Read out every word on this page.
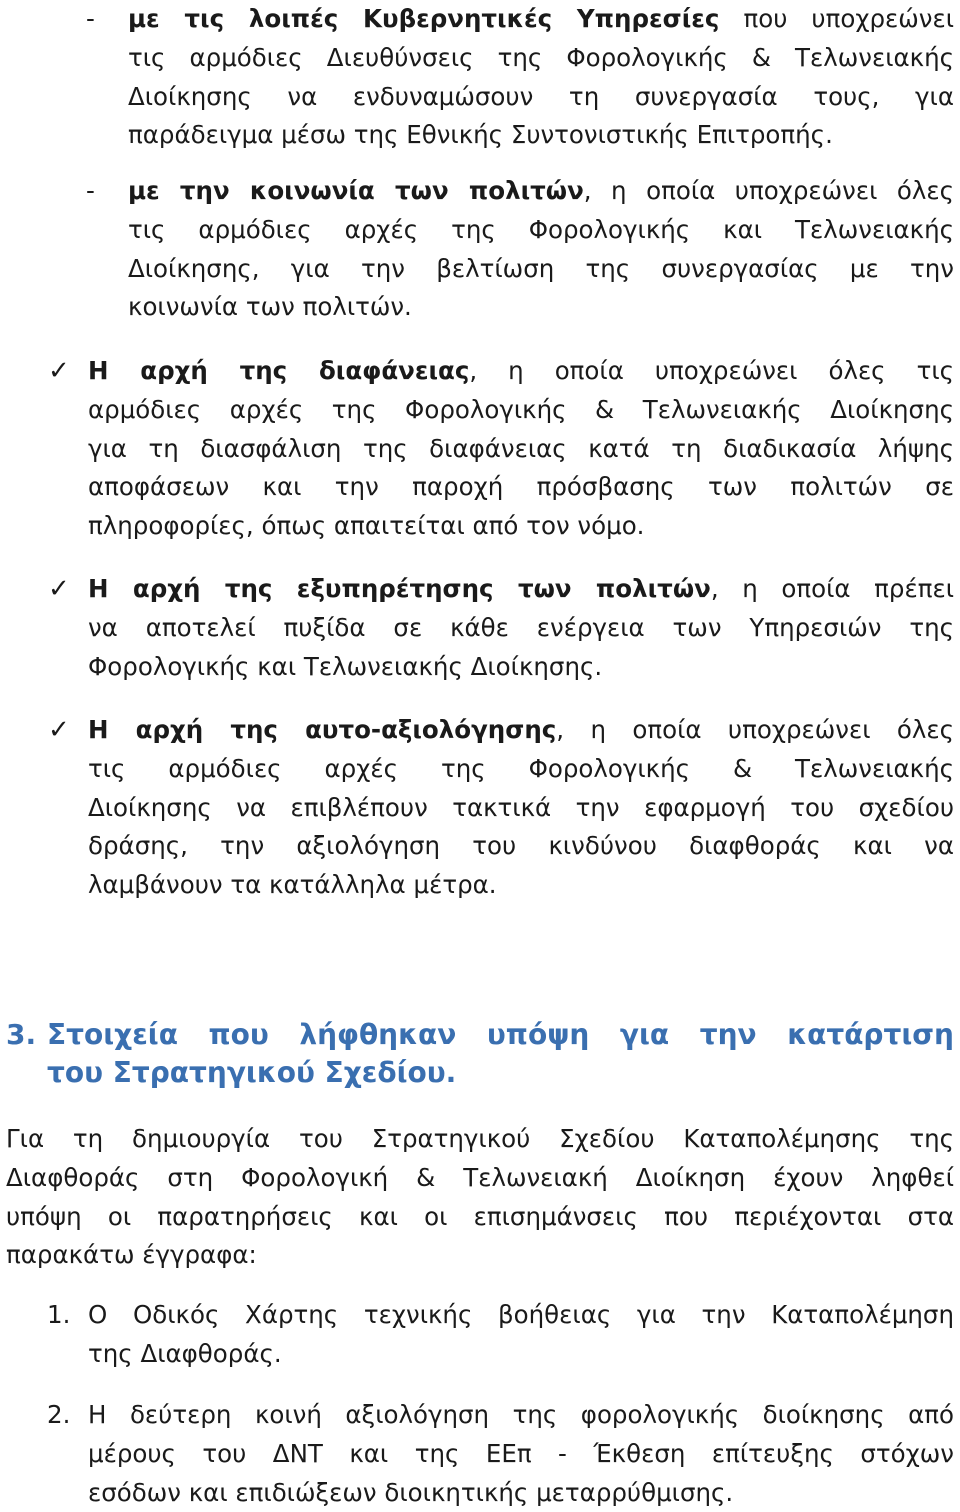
- με τις λοιπές Κυβερνητικές Υπηρεσίες που υποχρεώνει
τις αρμόδιες Διευθύνσεις της Φορολογικής & Τελωνειακής
Διοίκησης να ενδυναμώσουν τη συνεργασία τους, για
παράδειγμα μέσω της Εθνικής Συντονιστικής Επιτροπής.
- με την κοινωνία των πολιτών, η οποία υποχρεώνει όλες
τις αρμόδιες αρχές της Φορολογικής και Τελωνειακής
Διοίκησης, για την βελτίωση της συνεργασίας με την
κοινωνία των πολιτών.
✓ Η αρχή της διαφάνειας, η οποία υποχρεώνει όλες τις
αρμόδιες αρχές της Φορολογικής & Τελωνειακής Διοίκησης
για τη διασφάλιση της διαφάνειας κατά τη διαδικασία λήψης
αποφάσεων και την παροχή πρόσβασης των πολιτών σε
πληροφορίες, όπως απαιτείται από τον νόμο.
✓ Η αρχή της εξυπηρέτησης των πολιτών, η οποία πρέπει
να αποτελεί πυξίδα σε κάθε ενέργεια των Υπηρεσιών της
Φορολογικής και Τελωνειακής Διοίκησης.
✓ Η αρχή της αυτο-αξιολόγησης, η οποία υποχρεώνει όλες
τις αρμόδιες αρχές της Φορολογικής & Τελωνειακής
Διοίκησης να επιβλέπουν τακτικά την εφαρμογή του σχεδίου
δράσης, την αξιολόγηση του κινδύνου διαφθοράς και να
λαμβάνουν τα κατάλληλα μέτρα.
3. Στοιχεία που λήφθηκαν υπόψη για την κατάρτιση
του Στρατηγικού Σχεδίου.
Για τη δημιουργία του Στρατηγικού Σχεδίου Καταπολέμησης της
Διαφθοράς στη Φορολογική & Τελωνειακή Διοίκηση έχουν ληφθεί
υπόψη οι παρατηρήσεις και οι επισημάνσεις που περιέχονται στα
παρακάτω έγγραφα:
1. Ο Οδικός Χάρτης τεχνικής βοήθειας για την Καταπολέμηση
της Διαφθοράς.
2. Η δεύτερη κοινή αξιολόγηση της φορολογικής διοίκησης από
μέρους του ΔΝΤ και της ΕΕπ - Έκθεση επίτευξης στόχων
εσόδων και επιδιώξεων διοικητικής μεταρρύθμισης.
